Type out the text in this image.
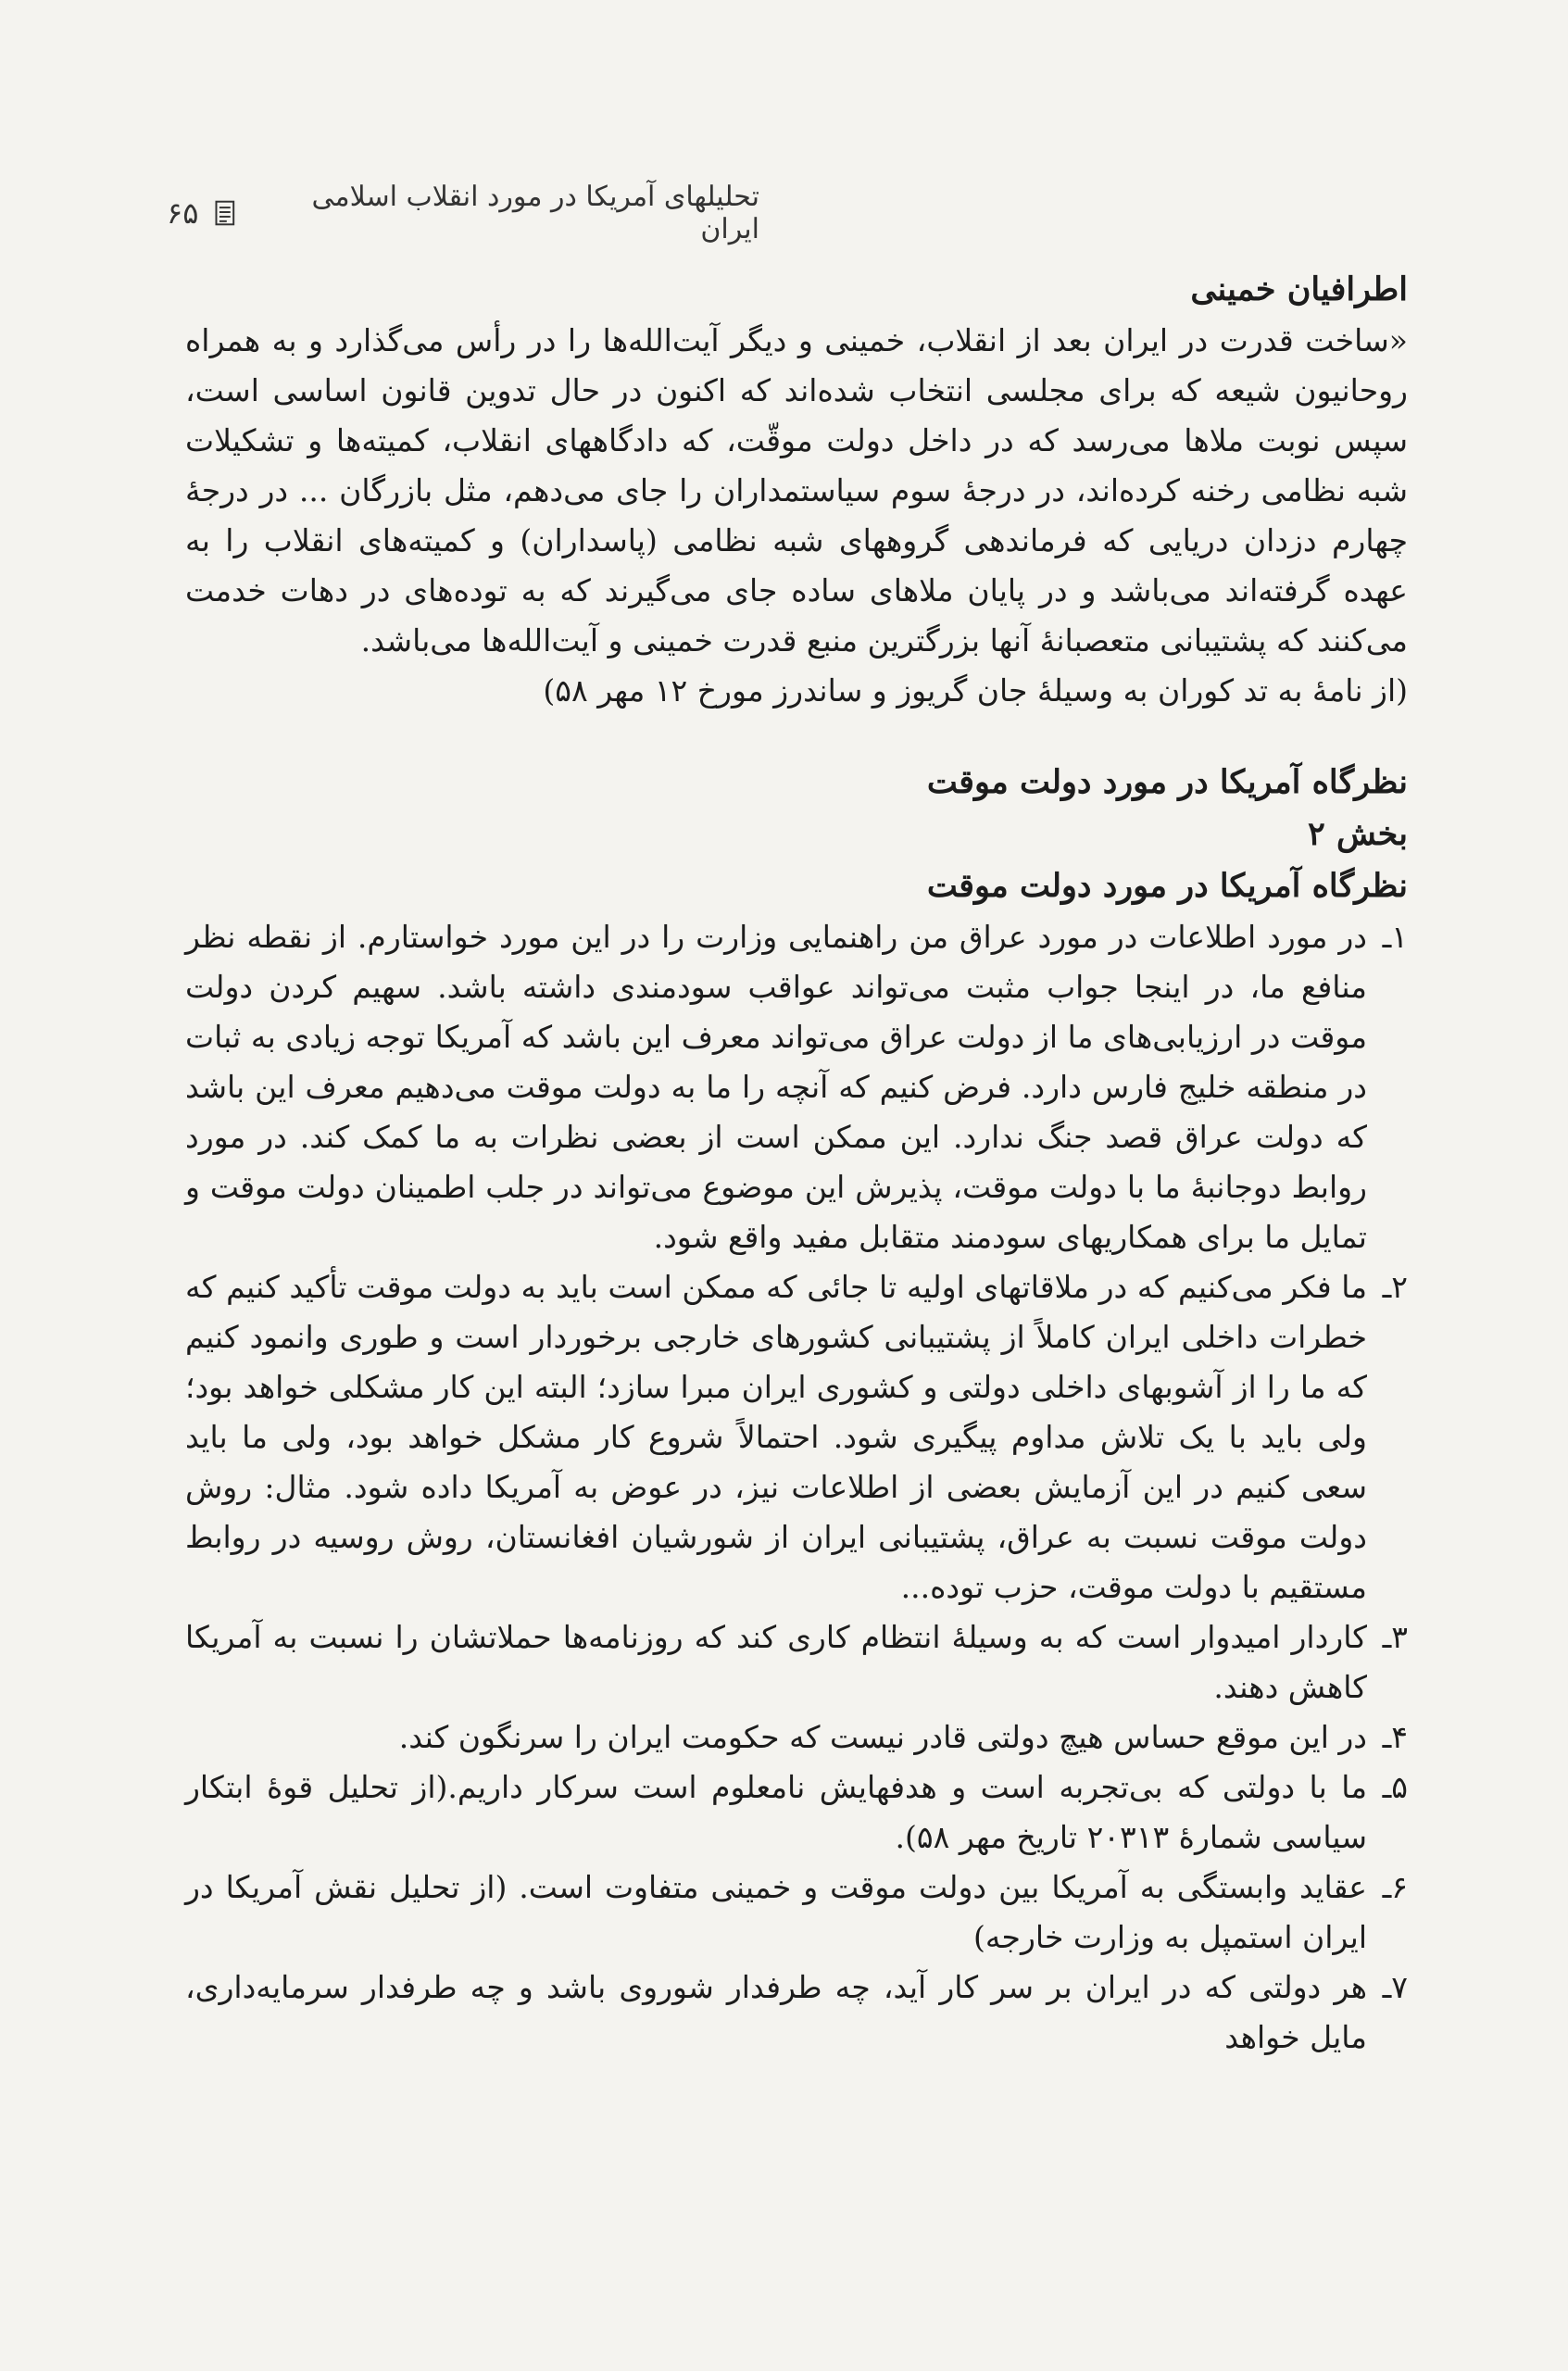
تحلیلهای آمریکا در مورد انقلاب اسلامی ایران
۶۵

اطرافیان خمینی

«ساخت قدرت در ایران بعد از انقلاب، خمینی و دیگر آیت‌الله‌ها را در رأس می‌گذارد و به همراه روحانیون شیعه که برای مجلسی انتخاب شده‌اند که اکنون در حال تدوین قانون اساسی است، سپس نوبت ملاها می‌رسد که در داخل دولت موقّت، که دادگاههای انقلاب، کمیته‌ها و تشکیلات شبه نظامی رخنه کرده‌اند، در درجهٔ سوم سیاستمداران را جای می‌دهم، مثل بازرگان ... در درجهٔ چهارم دزدان دریایی که فرماندهی گروههای شبه نظامی (پاسداران) و کمیته‌های انقلاب را به عهده گرفته‌اند می‌باشد و در پایان ملاهای ساده جای می‌گیرند که به توده‌های در دهات خدمت می‌کنند که پشتیبانی متعصبانهٔ آنها بزرگترین منبع قدرت خمینی و آیت‌الله‌ها می‌باشد.

(از نامهٔ به تد کوران به وسیلهٔ جان گریوز و ساندرز مورخ ۱۲ مهر ۵۸)

نظرگاه آمریکا در مورد دولت موقت

بخش ۲

نظرگاه آمریکا در مورد دولت موقت

۱ـ

در مورد اطلاعات در مورد عراق من راهنمایی وزارت را در این مورد خواستارم. از نقطه نظر منافع ما، در اینجا جواب مثبت می‌تواند عواقب سودمندی داشته باشد. سهیم کردن دولت موقت در ارزیابی‌های ما از دولت عراق می‌تواند معرف این باشد که آمریکا توجه زیادی به ثبات در منطقه خلیج فارس دارد. فرض کنیم که آنچه را ما به دولت موقت می‌دهیم معرف این باشد که دولت عراق قصد جنگ ندارد. این ممکن است از بعضی نظرات به ما کمک کند. در مورد روابط دوجانبهٔ ما با دولت موقت، پذیرش این موضوع می‌تواند در جلب اطمینان دولت موقت و تمایل ما برای همکاریهای سودمند متقابل مفید واقع شود.

۲ـ

ما فکر می‌کنیم که در ملاقاتهای اولیه تا جائی که ممکن است باید به دولت موقت تأکید کنیم که خطرات داخلی ایران کاملاً از پشتیبانی کشورهای خارجی برخوردار است و طوری وانمود کنیم که ما را از آشوبهای داخلی دولتی و کشوری ایران مبرا سازد؛ البته این کار مشکلی خواهد بود؛ ولی باید با یک تلاش مداوم پیگیری شود. احتمالاً شروع کار مشکل خواهد بود، ولی ما باید سعی کنیم در این آزمایش بعضی از اطلاعات نیز، در عوض به آمریکا داده شود. مثال: روش دولت موقت نسبت به عراق، پشتیبانی ایران از شورشیان افغانستان، روش روسیه در روابط مستقیم با دولت موقت، حزب توده...

۳ـ

کاردار امیدوار است که به وسیلهٔ انتظام کاری کند که روزنامه‌ها حملاتشان را نسبت به آمریکا کاهش دهند.

۴ـ

در این موقع حساس هیچ دولتی قادر نیست که حکومت ایران را سرنگون کند.

۵ـ

ما با دولتی که بی‌تجربه است و هدفهایش نامعلوم است سرکار داریم.(از تحلیل قوهٔ ابتکار سیاسی شمارهٔ ۲۰۳۱۳ تاریخ مهر ۵۸).

۶ـ

عقاید وابستگی به آمریکا بین دولت موقت و خمینی متفاوت است. (از تحلیل نقش آمریکا در ایران استمپل به وزارت خارجه)

۷ـ

هر دولتی که در ایران بر سر کار آید، چه طرفدار شوروی باشد و چه طرفدار سرمایه‌داری، مایل خواهد
